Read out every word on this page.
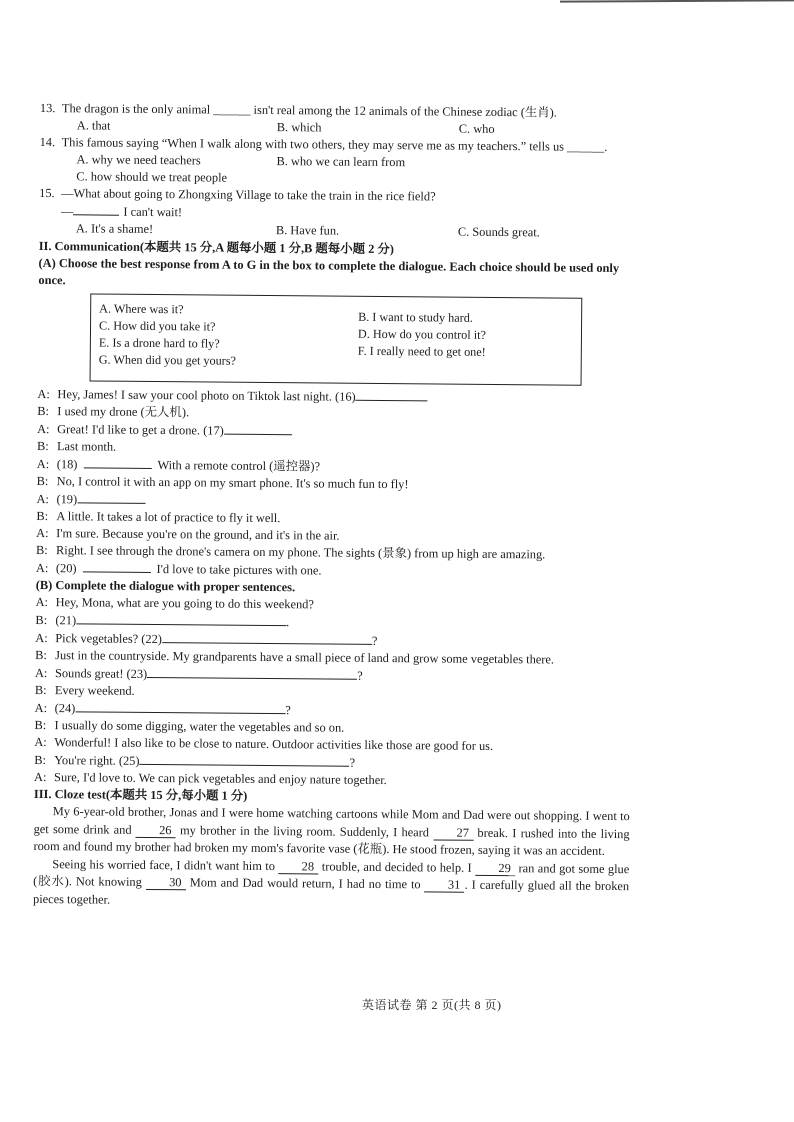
13. The dragon is the only animal ______ isn't real among the 12 animals of the Chinese zodiac (生肖).
A. that	B. which	C. who
14. This famous saying “When I walk along with two others, they may serve me as my teachers.” tells us ______.
A. why we need teachers	B. who we can learn from
C. how should we treat people
15. —What about going to Zhongxing Village to take the train in the rice field?
—	I can't wait!
A. It's a shame!	B. Have fun.	C. Sounds great.
II. Communication(本题共 15 分,A 题每小题 1 分,B 题每小题 2 分)
(A) Choose the best response from A to G in the box to complete the dialogue. Each choice should be used only once.
A. Where was it?
C. How did you take it?
E. Is a drone hard to fly?
G. When did you get yours?
B. I want to study hard.
D. How do you control it?
F. I really need to get one!
A: Hey, James! I saw your cool photo on Tiktok last night. (16)
B: I used my drone (无人机).
A: Great! I'd like to get a drone. (17)
B: Last month.
A: (18)	With a remote control (遥控器)?
B: No, I control it with an app on my smart phone. It's so much fun to fly!
A: (19)
B: A little. It takes a lot of practice to fly it well.
A: I'm sure. Because you're on the ground, and it's in the air.
B: Right. I see through the drone's camera on my phone. The sights (景象) from up high are amazing.
A: (20)	I'd love to take pictures with one.
(B) Complete the dialogue with proper sentences.
A: Hey, Mona, what are you going to do this weekend?
B: (21)	.
A: Pick vegetables? (22)	?
B: Just in the countryside. My grandparents have a small piece of land and grow some vegetables there.
A: Sounds great! (23)	?
B: Every weekend.
A: (24)	?
B: I usually do some digging, water the vegetables and so on.
A: Wonderful! I also like to be close to nature. Outdoor activities like those are good for us.
B: You're right. (25)	?
A: Sure, I'd love to. We can pick vegetables and enjoy nature together.
III. Cloze test(本题共 15 分,每小题 1 分)
My 6-year-old brother, Jonas and I were home watching cartoons while Mom and Dad were out shopping. I went to get some drink and 26 my brother in the living room. Suddenly, I heard 27 break. I rushed into the living room and found my brother had broken my mom's favorite vase (花瓶). He stood frozen, saying it was an accident.
Seeing his worried face, I didn't want him to 28 trouble, and decided to help. I 29 ran and got some glue (胶水). Not knowing 30 Mom and Dad would return, I had no time to 31 . I carefully glued all the broken pieces together.
英语试卷 第 2 页(共 8 页)
